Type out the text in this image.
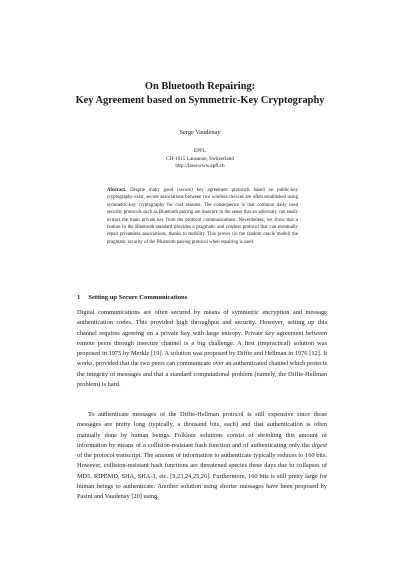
On Bluetooth Repairing:
Key Agreement based on Symmetric-Key Cryptography
Serge Vaudenay
EPFL
CH-1015 Lausanne, Switzerland
http://lasecwww.epfl.ch
Abstract. Despite many good (secure) key agreement protocols based on public-key cryptography exist, secure associations between two wireless devices are often established using symmetric-key cryptography for cost reasons. The consequence is that common daily used security protocols such as Bluetooth pairing are insecure in the sense that an adversary can easily extract the main private key from the protocol communications. Nevertheless, we show that a feature in the Bluetooth standard provides a pragmatic and costless protocol that can eventually repair privateless associations, thanks to mobility. This proves (in the random oracle model) the pragmatic security of the Bluetooth pairing protocol when repairing is used.
1 Setting up Secure Communications
Digital communications are often secured by means of symmetric encryption and message authentication codes. This provided high throughput and security. However, setting up this channel requires agreeing on a private key with large entropy. Private key agreement between remote peers through insecure channel is a big challenge. A first (impractical) solution was proposed in 1975 by Merkle [19]. A solution was proposed by Diffie and Hellman in 1976 [12]. It works, provided that the two peers can communicate over an authenticated channel which protects the integrity of messages and that a standard computational problem (namely, the Diffie-Hellman problem) is hard.
To authenticate messages of the Diffie-Hellman protocol is still expensive since those messages are pretty long (typically, a thousand bits, each) and that authentication is often manually done by human beings. Folklore solutions consist of shrinking this amount of information by means of a collision-resistant hash function and of authenticating only the digest of the protocol transcript. The amount of information to authenticate typically reduces to 160 bits. However, collision-resistant hash functions are threatened species these days due to collapses of MD5, RIPEMD, SHA, SHA-1, etc. [9,23,24,25,26]. Furthermore, 160 bits is still pretty large for human beings to authenticate. Another solution using shorter messages have been proposed by Pasini and Vaudenay [20] using
